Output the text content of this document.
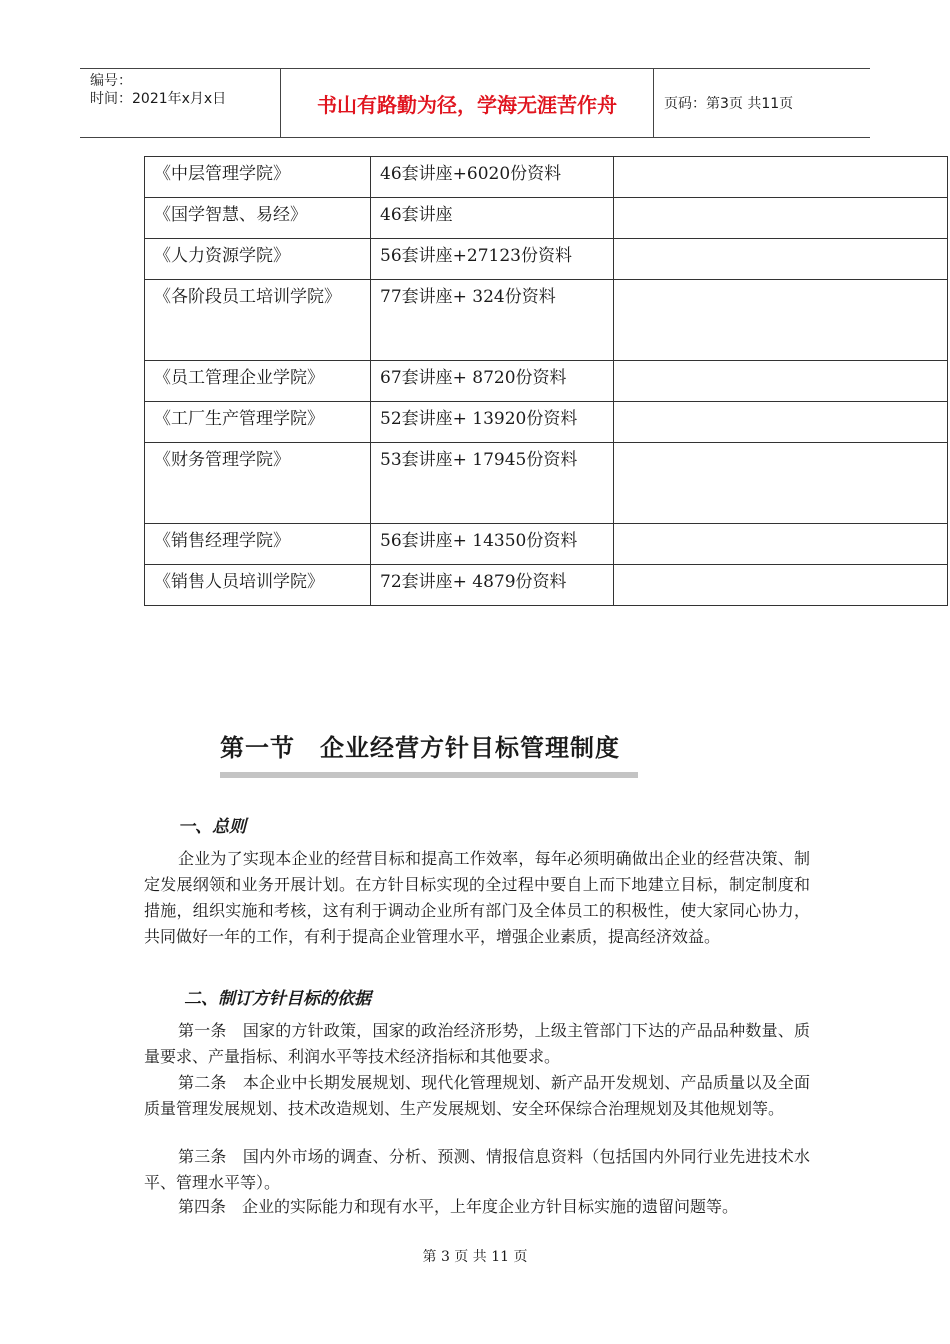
编号：
时间：2021年x月x日	书山有路勤为径，学海无涯苦作舟	页码：第3页 共11页
《中层管理学院》	46套讲座+6020份资料	
《国学智慧、易经》	46套讲座	
《人力资源学院》	56套讲座+27123份资料	
《各阶段员工培训学院》	77套讲座+ 324份资料	
《员工管理企业学院》	67套讲座+ 8720份资料	
《工厂生产管理学院》	52套讲座+ 13920份资料	
《财务管理学院》	53套讲座+ 17945份资料	
《销售经理学院》	56套讲座+ 14350份资料	
《销售人员培训学院》	72套讲座+ 4879份资料	
第一节　企业经营方针目标管理制度
一、总则

企业为了实现本企业的经营目标和提高工作效率，每年必须明确做出企业的经营决策、制定发展纲领和业务开展计划。在方针目标实现的全过程中要自上而下地建立目标，制定制度和措施，组织实施和考核，这有利于调动企业所有部门及全体员工的积极性，使大家同心协力，共同做好一年的工作，有利于提高企业管理水平，增强企业素质，提高经济效益。

二、制订方针目标的依据

第一条　国家的方针政策，国家的政治经济形势，上级主管部门下达的产品品种数量、质量要求、产量指标、利润水平等技术经济指标和其他要求。

第二条　本企业中长期发展规划、现代化管理规划、新产品开发规划、产品质量以及全面质量管理发展规划、技术改造规划、生产发展规划、安全环保综合治理规划及其他规划等。

第三条　国内外市场的调查、分析、预测、情报信息资料（包括国内外同行业先进技术水平、管理水平等）。

第四条　企业的实际能力和现有水平，上年度企业方针目标实施的遗留问题等。

第 3 页 共 11 页
